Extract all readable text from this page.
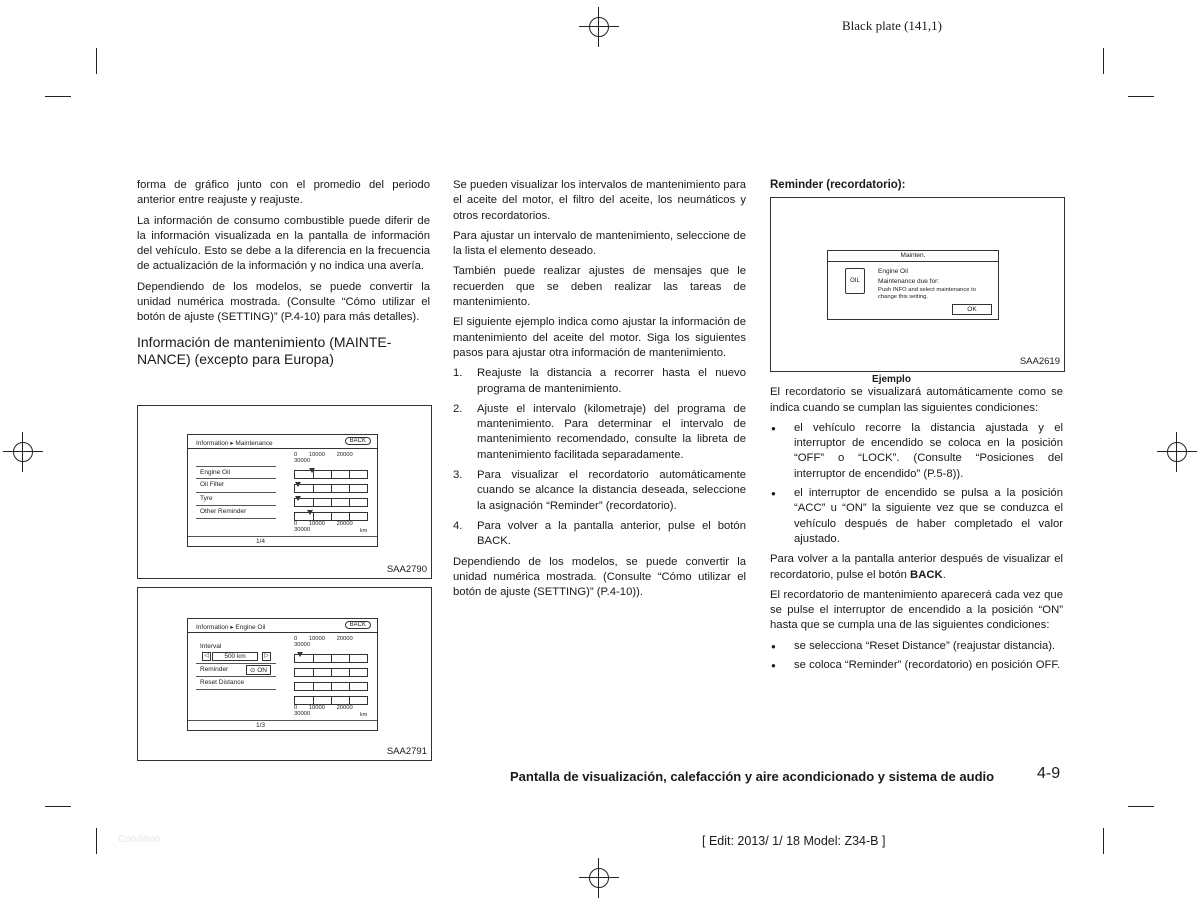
Black plate (141,1)

forma de gráfico junto con el promedio del periodo anterior entre reajuste y reajuste.

La información de consumo combustible puede diferir de la información visualizada en la pantalla de información del vehículo. Esto se debe a la diferencia en la frecuencia de actualización de la información y no indica una avería.

Dependiendo de los modelos, se puede convertir la unidad numérica mostrada. (Consulte “Cómo utilizar el botón de ajuste (SETTING)” (P.4-10) para más detalles).

Información de mantenimiento (MAINTE- NANCE) (excepto para Europa)
Information ▸ Maintenance	BACK
0 10000 20000 30000
Engine Oil
Oil Filter
Tyre
Other Reminder
0 10000 20000 30000	km
1/4
SAA2790
Information ▸ Engine Oil	BACK
0 10000 20000 30000
Interval
◁	500 km	▷
Reminder	⊙ ON
Reset Distance
0 10000 20000 30000	km
1/3
SAA2791

Se pueden visualizar los intervalos de mantenimiento para el aceite del motor, el filtro del aceite, los neumáticos y otros recordatorios.

Para ajustar un intervalo de mantenimiento, seleccione de la lista el elemento deseado.

También puede realizar ajustes de mensajes que le recuerden que se deben realizar las tareas de mantenimiento.

El siguiente ejemplo indica como ajustar la información de mantenimiento del aceite del motor. Siga los siguientes pasos para ajustar otra información de mantenimiento.

1. Reajuste la distancia a recorrer hasta el nuevo programa de mantenimiento.
2. Ajuste el intervalo (kilometraje) del programa de mantenimiento. Para determinar el intervalo de mantenimiento recomendado, consulte la libreta de mantenimiento facilitada separadamente.
3. Para visualizar el recordatorio automáticamente cuando se alcance la distancia deseada, seleccione la asignación “Reminder” (recordatorio).
4. Para volver a la pantalla anterior, pulse el botón BACK.

Dependiendo de los modelos, se puede convertir la unidad numérica mostrada. (Consulte “Cómo utilizar el botón de ajuste (SETTING)” (P.4-10)).

Reminder (recordatorio):
Mainten.
OIL
Engine Oil
Maintenance due for:
Push INFO and select maintenance to change this setting.
OK
SAA2619
Ejemplo

El recordatorio se visualizará automáticamente como se indica cuando se cumplan las siguientes condiciones:

● el vehículo recorre la distancia ajustada y el interruptor de encendido se coloca en la posición “OFF” o “LOCK”. (Consulte “Posiciones del interruptor de encendido” (P.5-8)).
● el interruptor de encendido se pulsa a la posición “ACC” u “ON” la siguiente vez que se conduzca el vehículo después de haber completado el valor ajustado.

Para volver a la pantalla anterior después de visualizar el recordatorio, pulse el botón BACK.

El recordatorio de mantenimiento aparecerá cada vez que se pulse el interruptor de encendido a la posición “ON” hasta que se cumpla una de las siguientes condiciones:

● se selecciona “Reset Distance” (reajustar distancia).
● se coloca “Reminder” (recordatorio) en posición OFF.
Pantalla de visualización, calefacción y aire acondicionado y sistema de audio	4-9
[ Edit: 2013/ 1/ 18 Model: Z34-B ]
Condition:
